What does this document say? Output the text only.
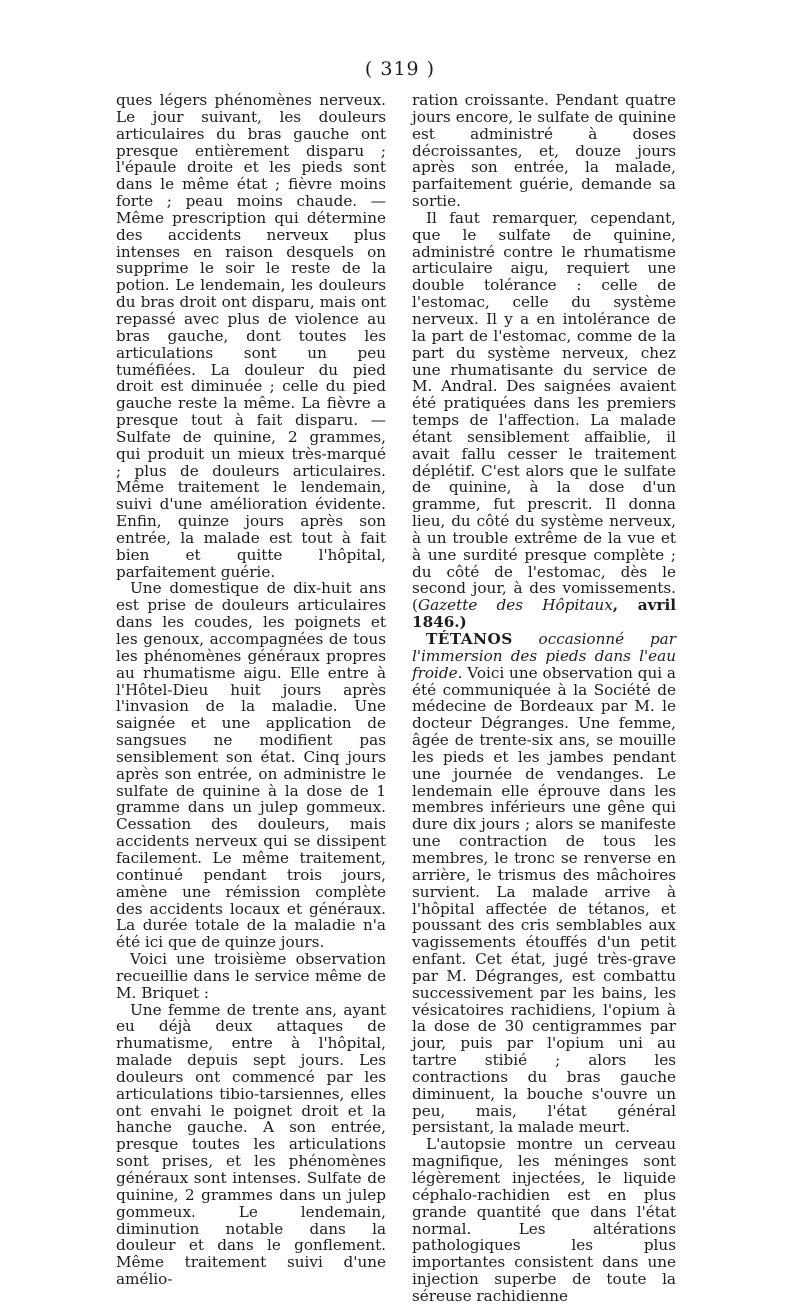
( 319 )

ques légers phénomènes nerveux. Le jour suivant, les douleurs articulaires du bras gauche ont presque entièrement disparu ; l'épaule droite et les pieds sont dans le même état ; fièvre moins forte ; peau moins chaude. — Même prescription qui détermine des accidents nerveux plus intenses en raison desquels on supprime le soir le reste de la potion. Le lendemain, les douleurs du bras droit ont disparu, mais ont repassé avec plus de violence au bras gauche, dont toutes les articulations sont un peu tuméfiées. La douleur du pied droit est diminuée ; celle du pied gauche reste la même. La fièvre a presque tout à fait disparu. — Sulfate de quinine, 2 grammes, qui produit un mieux très-marqué ; plus de douleurs articulaires. Même traitement le lendemain, suivi d'une amélioration évidente. Enfin, quinze jours après son entrée, la malade est tout à fait bien et quitte l'hôpital, parfaitement guérie.

Une domestique de dix-huit ans est prise de douleurs articulaires dans les coudes, les poignets et les genoux, accompagnées de tous les phénomènes généraux propres au rhumatisme aigu. Elle entre à l'Hôtel-Dieu huit jours après l'invasion de la maladie. Une saignée et une application de sangsues ne modifient pas sensiblement son état. Cinq jours après son entrée, on administre le sulfate de quinine à la dose de 1 gramme dans un julep gommeux. Cessation des douleurs, mais accidents nerveux qui se dissipent facilement. Le même traitement, continué pendant trois jours, amène une rémission complète des accidents locaux et généraux. La durée totale de la maladie n'a été ici que de quinze jours.

Voici une troisième observation recueillie dans le service même de M. Briquet :

Une femme de trente ans, ayant eu déjà deux attaques de rhumatisme, entre à l'hôpital, malade depuis sept jours. Les douleurs ont commencé par les articulations tibio-tarsiennes, elles ont envahi le poignet droit et la hanche gauche. A son entrée, presque toutes les articulations sont prises, et les phénomènes généraux sont intenses. Sulfate de quinine, 2 grammes dans un julep gommeux. Le lendemain, diminution notable dans la douleur et dans le gonflement. Même traitement suivi d'une amélio-

ration croissante. Pendant quatre jours encore, le sulfate de quinine est administré à doses décroissantes, et, douze jours après son entrée, la malade, parfaitement guérie, demande sa sortie.

Il faut remarquer, cependant, que le sulfate de quinine, administré contre le rhumatisme articulaire aigu, requiert une double tolérance : celle de l'estomac, celle du système nerveux. Il y a en intolérance de la part de l'estomac, comme de la part du système nerveux, chez une rhumatisante du service de M. Andral. Des saignées avaient été pratiquées dans les premiers temps de l'affection. La malade étant sensiblement affaiblie, il avait fallu cesser le traitement déplétif. C'est alors que le sulfate de quinine, à la dose d'un gramme, fut prescrit. Il donna lieu, du côté du système nerveux, à un trouble extrême de la vue et à une surdité presque complète ; du côté de l'estomac, dès le second jour, à des vomissements. (Gazette des Hôpitaux, avril 1846.)

TÉTANOS occasionné par l'immersion des pieds dans l'eau froide. Voici une observation qui a été communiquée à la Société de médecine de Bordeaux par M. le docteur Dégranges. Une femme, âgée de trente-six ans, se mouille les pieds et les jambes pendant une journée de vendanges. Le lendemain elle éprouve dans les membres inférieurs une gêne qui dure dix jours ; alors se manifeste une contraction de tous les membres, le tronc se renverse en arrière, le trismus des mâchoires survient. La malade arrive à l'hôpital affectée de tétanos, et poussant des cris semblables aux vagissements étouffés d'un petit enfant. Cet état, jugé très-grave par M. Dégranges, est combattu successivement par les bains, les vésicatoires rachidiens, l'opium à la dose de 30 centigrammes par jour, puis par l'opium uni au tartre stibié ; alors les contractions du bras gauche diminuent, la bouche s'ouvre un peu, mais, l'état général persistant, la malade meurt.

L'autopsie montre un cerveau magnifique, les méninges sont légèrement injectées, le liquide céphalo-rachidien est en plus grande quantité que dans l'état normal. Les altérations pathologiques les plus importantes consistent dans une injection superbe de toute la séreuse rachidienne
